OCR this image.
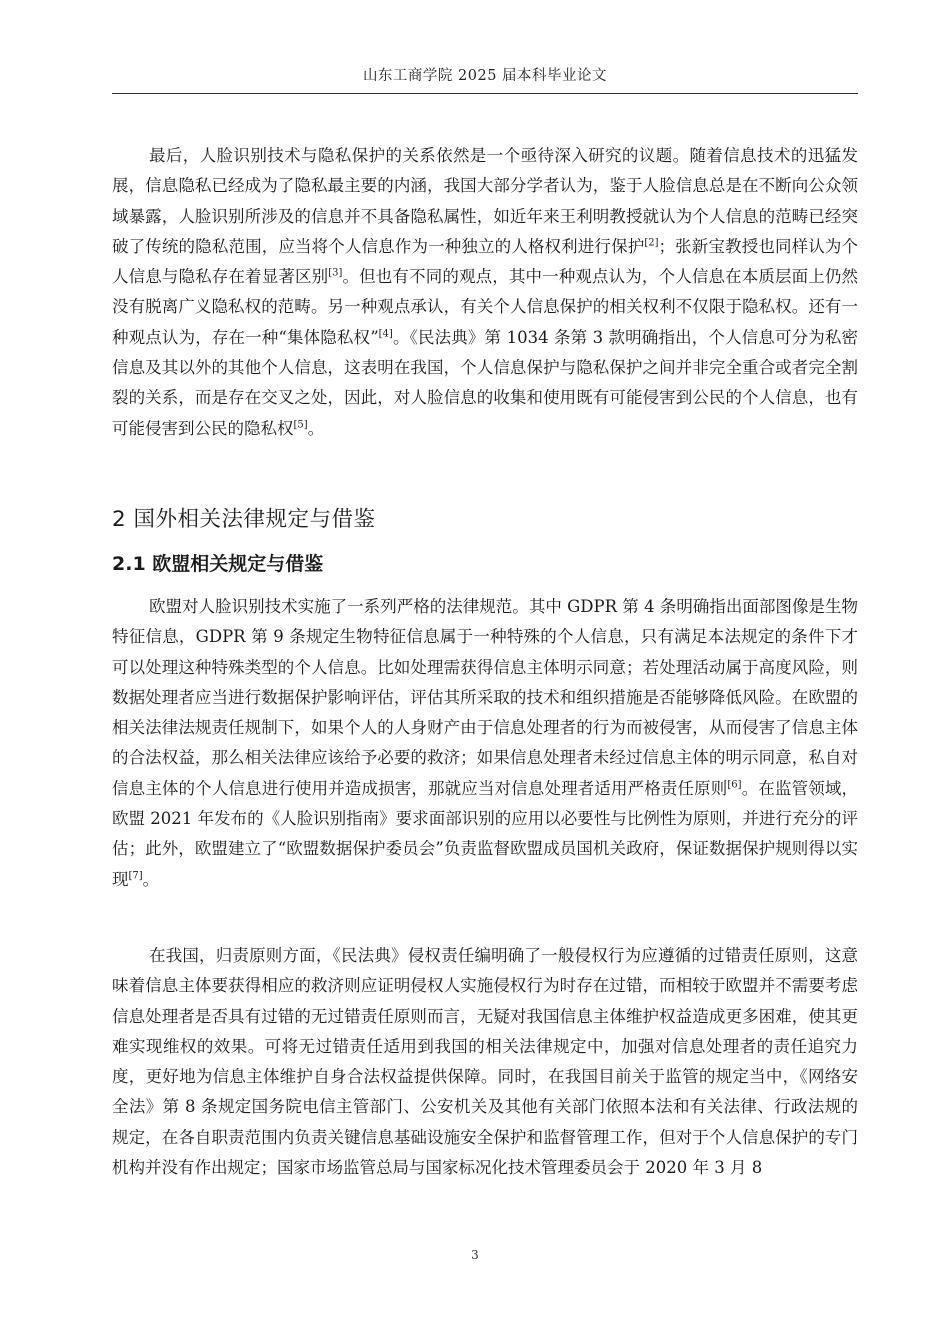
山东工商学院 2025 届本科毕业论文

最后，人脸识别技术与隐私保护的关系依然是一个亟待深入研究的议题。随着信息技术的迅猛发展，信息隐私已经成为了隐私最主要的内涵，我国大部分学者认为，鉴于人脸信息总是在不断向公众领域暴露，人脸识别所涉及的信息并不具备隐私属性，如近年来王利明教授就认为个人信息的范畴已经突破了传统的隐私范围，应当将个人信息作为一种独立的人格权利进行保护[2]；张新宝教授也同样认为个人信息与隐私存在着显著区别[3]。但也有不同的观点，其中一种观点认为，个人信息在本质层面上仍然没有脱离广义隐私权的范畴。另一种观点承认，有关个人信息保护的相关权利不仅限于隐私权。还有一种观点认为，存在一种“集体隐私权”[4]。《民法典》第 1034 条第 3 款明确指出，个人信息可分为私密信息及其以外的其他个人信息，这表明在我国，个人信息保护与隐私保护之间并非完全重合或者完全割裂的关系，而是存在交叉之处，因此，对人脸信息的收集和使用既有可能侵害到公民的个人信息，也有可能侵害到公民的隐私权[5]。

2 国外相关法律规定与借鉴
2.1 欧盟相关规定与借鉴

欧盟对人脸识别技术实施了一系列严格的法律规范。其中 GDPR 第 4 条明确指出面部图像是生物特征信息，GDPR 第 9 条规定生物特征信息属于一种特殊的个人信息，只有满足本法规定的条件下才可以处理这种特殊类型的个人信息。比如处理需获得信息主体明示同意；若处理活动属于高度风险，则数据处理者应当进行数据保护影响评估，评估其所采取的技术和组织措施是否能够降低风险。在欧盟的相关法律法规责任规制下，如果个人的人身财产由于信息处理者的行为而被侵害，从而侵害了信息主体的合法权益，那么相关法律应该给予必要的救济；如果信息处理者未经过信息主体的明示同意，私自对信息主体的个人信息进行使用并造成损害，那就应当对信息处理者适用严格责任原则[6]。在监管领域，欧盟 2021 年发布的《人脸识别指南》要求面部识别的应用以必要性与比例性为原则，并进行充分的评估；此外，欧盟建立了“欧盟数据保护委员会”负责监督欧盟成员国机关政府，保证数据保护规则得以实现[7]。

在我国，归责原则方面，《民法典》侵权责任编明确了一般侵权行为应遵循的过错责任原则，这意味着信息主体要获得相应的救济则应证明侵权人实施侵权行为时存在过错，而相较于欧盟并不需要考虑信息处理者是否具有过错的无过错责任原则而言，无疑对我国信息主体维护权益造成更多困难，使其更难实现维权的效果。可将无过错责任适用到我国的相关法律规定中，加强对信息处理者的责任追究力度，更好地为信息主体维护自身合法权益提供保障。同时，在我国目前关于监管的规定当中，《网络安全法》第 8 条规定国务院电信主管部门、公安机关及其他有关部门依照本法和有关法律、行政法规的规定，在各自职责范围内负责关键信息基础设施安全保护和监督管理工作，但对于个人信息保护的专门机构并没有作出规定；国家市场监管总局与国家标况化技术管理委员会于 2020 年 3 月 8

3
